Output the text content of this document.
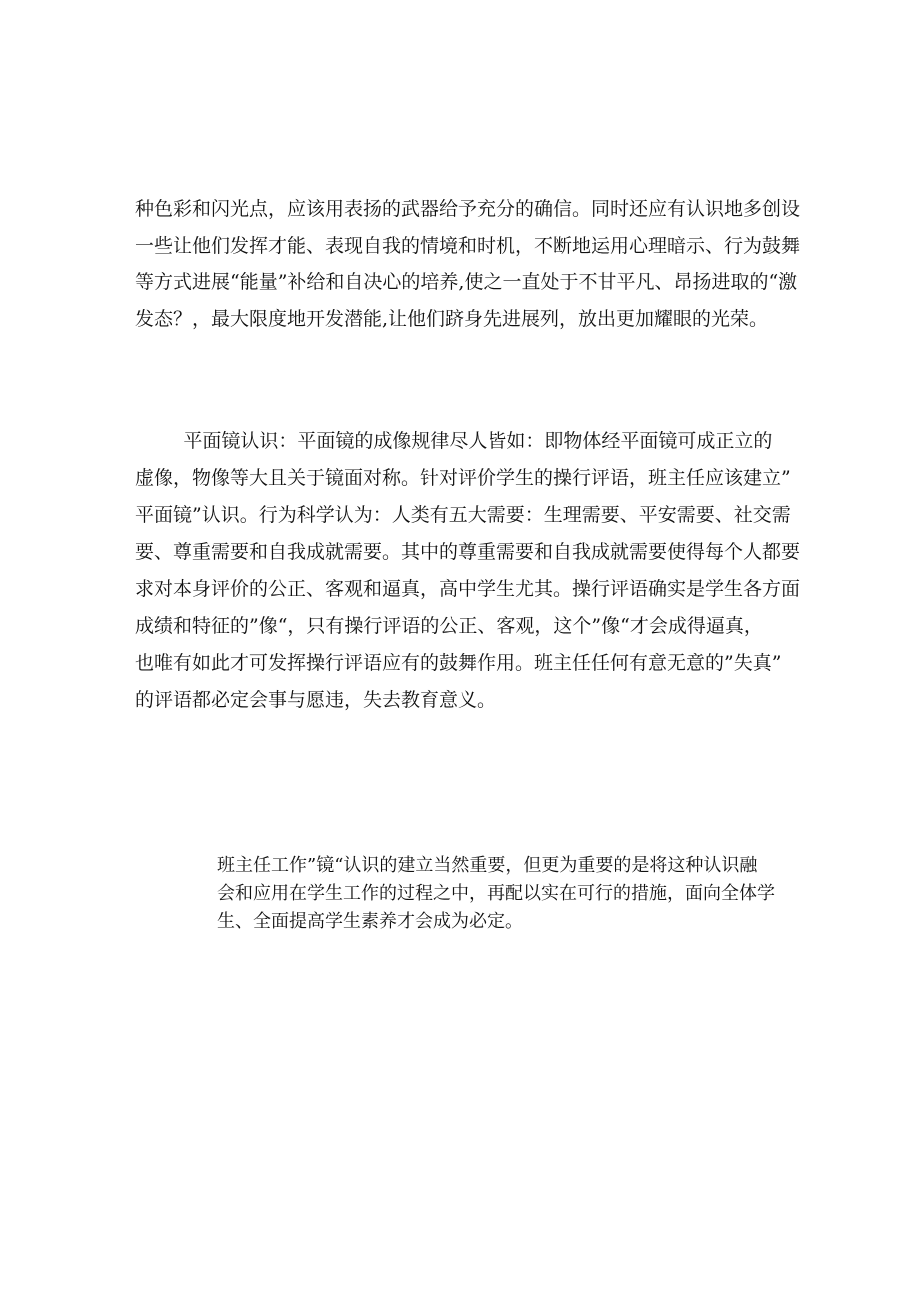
种色彩和闪光点，应该用表扬的武器给予充分的确信。同时还应有认识地多创设
一些让他们发挥才能、表现自我的情境和时机，不断地运用心理暗示、行为鼓舞
等方式进展“能量”补给和自决心的培养,使之一直处于不甘平凡、昂扬进取的“激
发态？，最大限度地开发潜能,让他们跻身先进展列，放出更加耀眼的光荣。
平面镜认识：平面镜的成像规律尽人皆如：即物体经平面镜可成正立的
虚像，物像等大且关于镜面对称。针对评价学生的操行评语，班主任应该建立”
平面镜”认识。行为科学认为：人类有五大需要：生理需要、平安需要、社交需
要、尊重需要和自我成就需要。其中的尊重需要和自我成就需要使得每个人都要
求对本身评价的公正、客观和逼真，高中学生尤其。操行评语确实是学生各方面
成绩和特征的”像“，只有操行评语的公正、客观，这个”像“才会成得逼真，
也唯有如此才可发挥操行评语应有的鼓舞作用。班主任任何有意无意的”失真”
的评语都必定会事与愿违，失去教育意义。
班主任工作”镜“认识的建立当然重要，但更为重要的是将这种认识融
会和应用在学生工作的过程之中，再配以实在可行的措施，面向全体学
生、全面提高学生素养才会成为必定。
